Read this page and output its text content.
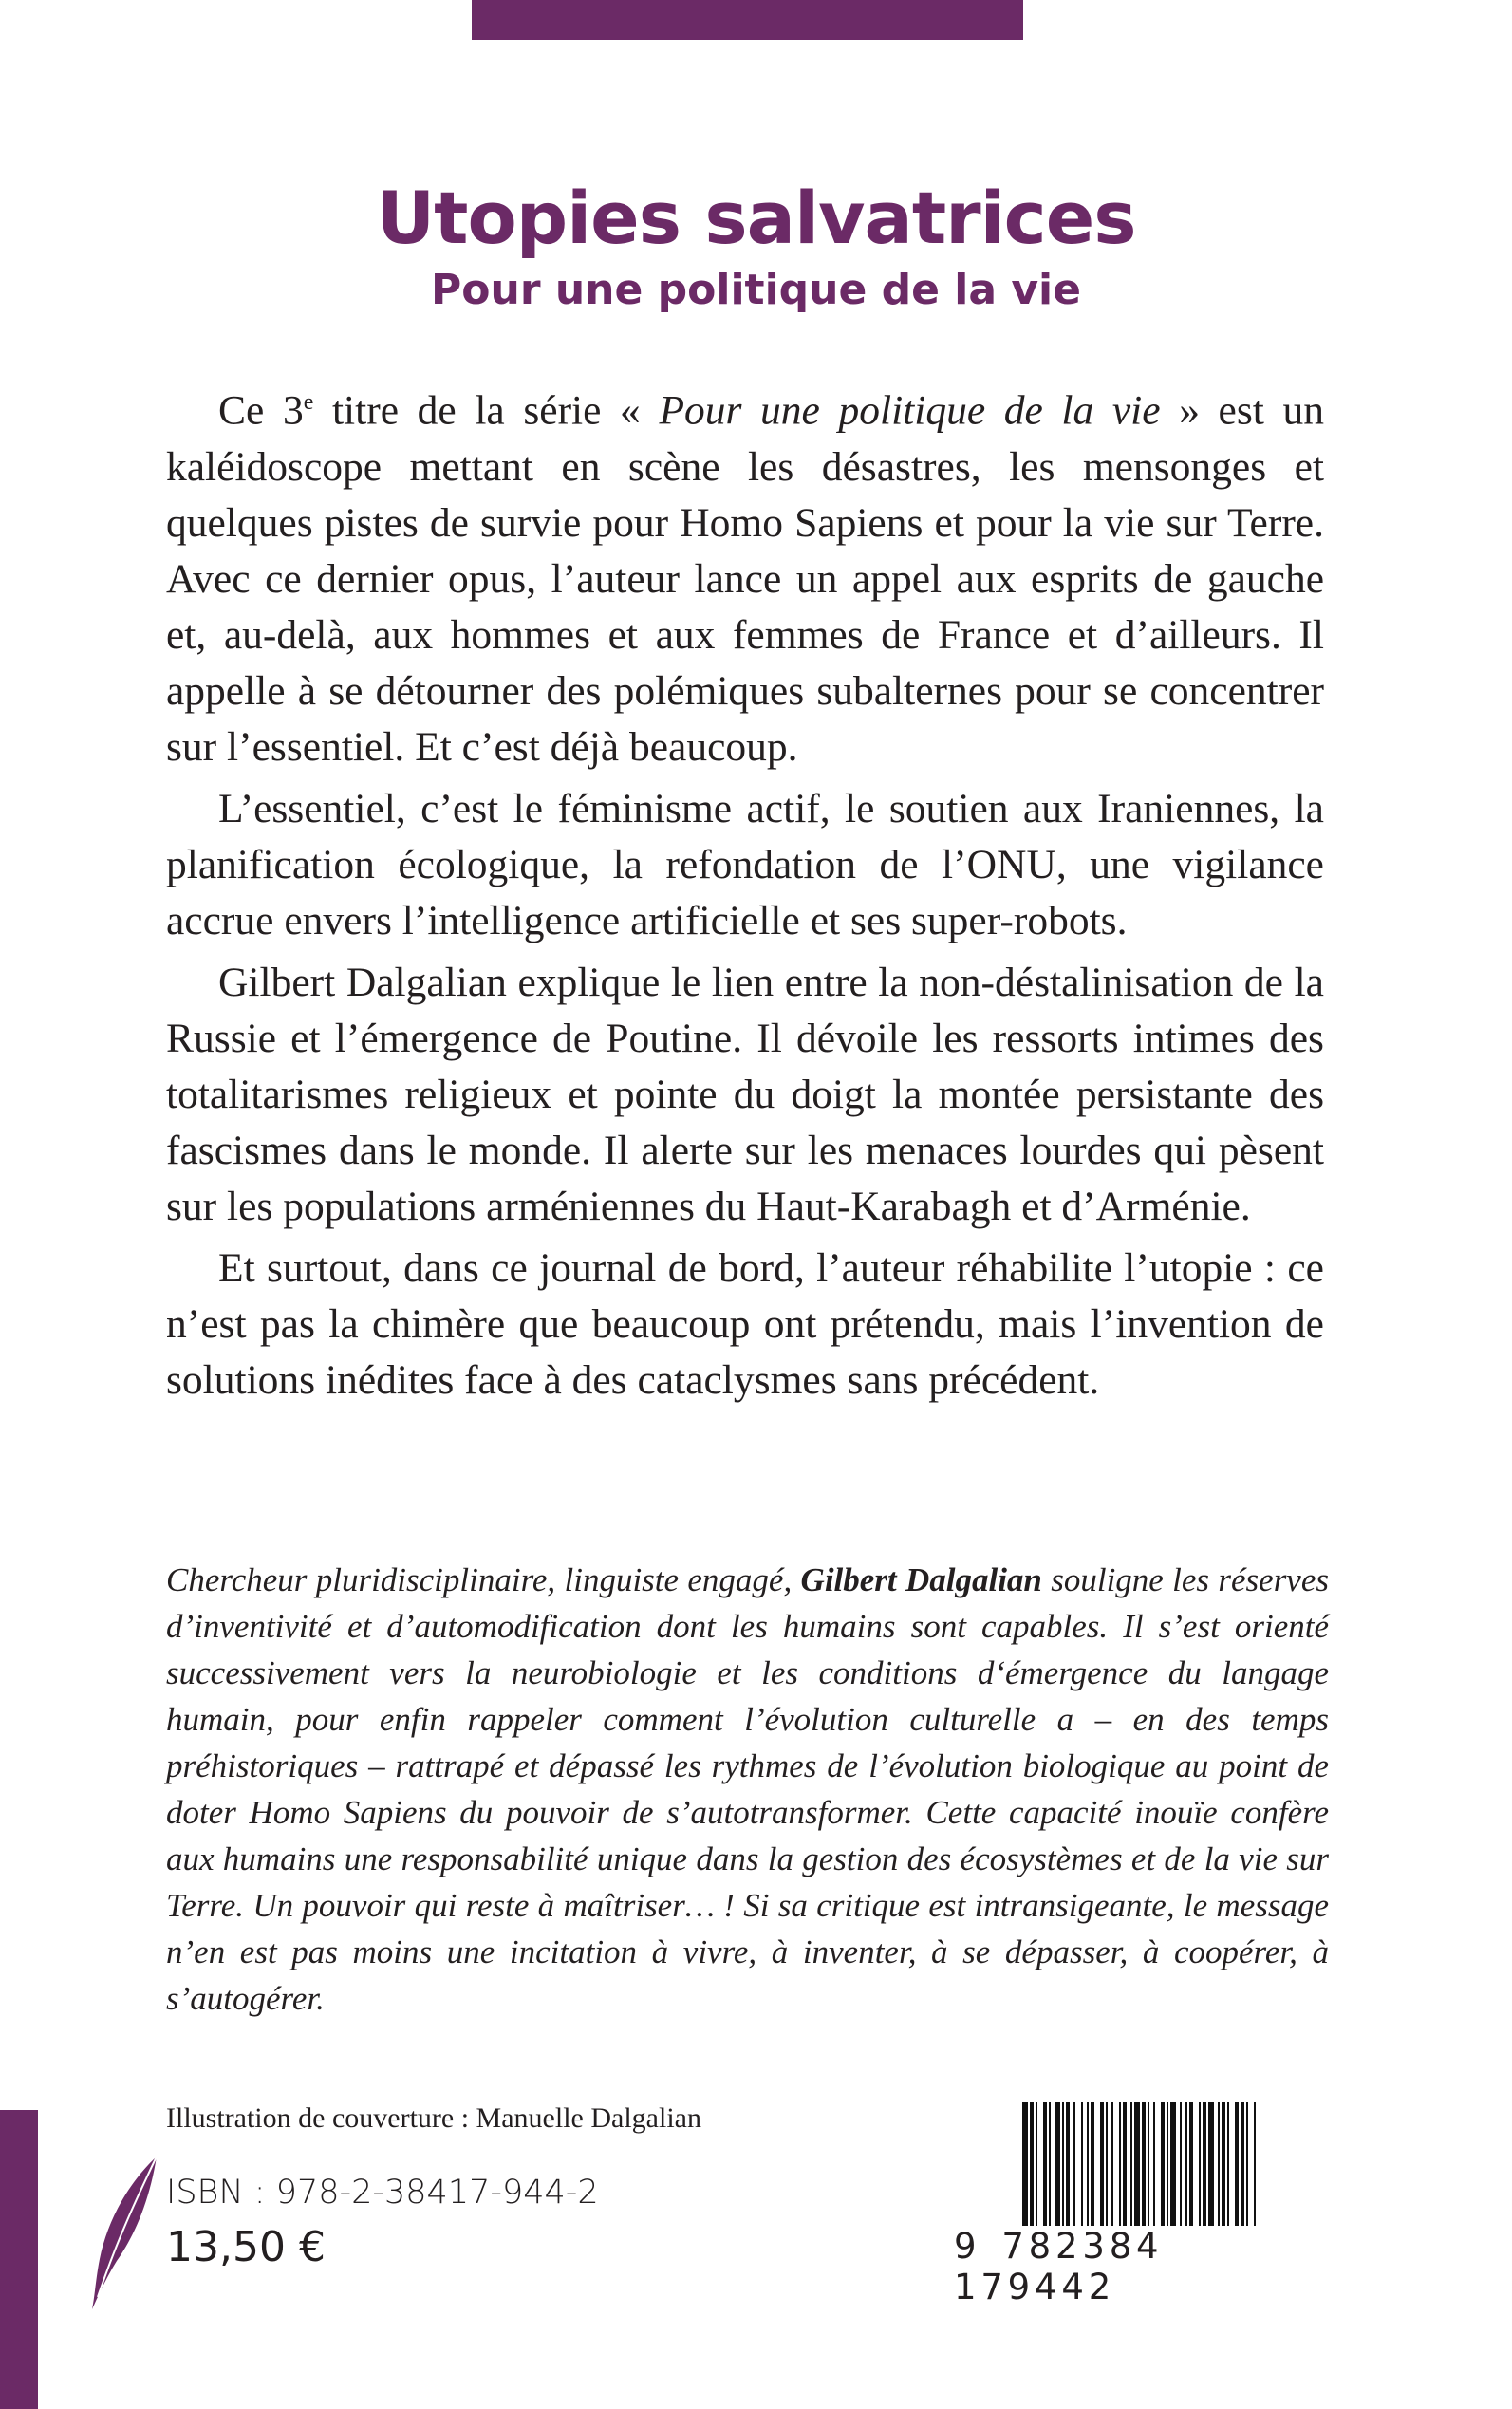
Utopies salvatrices
Pour une politique de la vie

Ce 3e titre de la série « Pour une politique de la vie » est un kaléidoscope mettant en scène les désastres, les mensonges et quelques pistes de survie pour Homo Sapiens et pour la vie sur Terre. Avec ce dernier opus, l’auteur lance un appel aux esprits de gauche et, au-delà, aux hommes et aux femmes de France et d’ailleurs. Il appelle à se détourner des polémiques subalternes pour se concentrer sur l’essentiel. Et c’est déjà beaucoup.

L’essentiel, c’est le féminisme actif, le soutien aux Iraniennes, la planification écologique, la refondation de l’ONU, une vigilance accrue envers l’intelligence artificielle et ses super-robots.

Gilbert Dalgalian explique le lien entre la non-déstalinisation de la Russie et l’émergence de Poutine. Il dévoile les ressorts intimes des totalitarismes religieux et pointe du doigt la montée persistante des fascismes dans le monde. Il alerte sur les menaces lourdes qui pèsent sur les populations arméniennes du Haut-Karabagh et d’Arménie.

Et surtout, dans ce journal de bord, l’auteur réhabilite l’utopie : ce n’est pas la chimère que beaucoup ont prétendu, mais l’invention de solutions inédites face à des cataclysmes sans précédent.

Chercheur pluridisciplinaire, linguiste engagé, Gilbert Dalgalian souligne les réserves d’inventivité et d’automodification dont les humains sont capables. Il s’est orienté successivement vers la neurobiologie et les conditions d‘émergence du langage humain, pour enfin rappeler comment l’évolution culturelle a – en des temps préhistoriques – rattrapé et dépassé les rythmes de l’évolution biologique au point de doter Homo Sapiens du pouvoir de s’autotransformer. Cette capacité inouïe confère aux humains une responsabilité unique dans la gestion des écosystèmes et de la vie sur Terre. Un pouvoir qui reste à maîtriser… ! Si sa critique est intransigeante, le message n’en est pas moins une incitation à vivre, à inventer, à se dépasser, à coopérer, à s’autogérer.

Illustration de couverture : Manuelle Dalgalian

ISBN : 978-2-38417-944-2

13,50 €	9 782384179442
